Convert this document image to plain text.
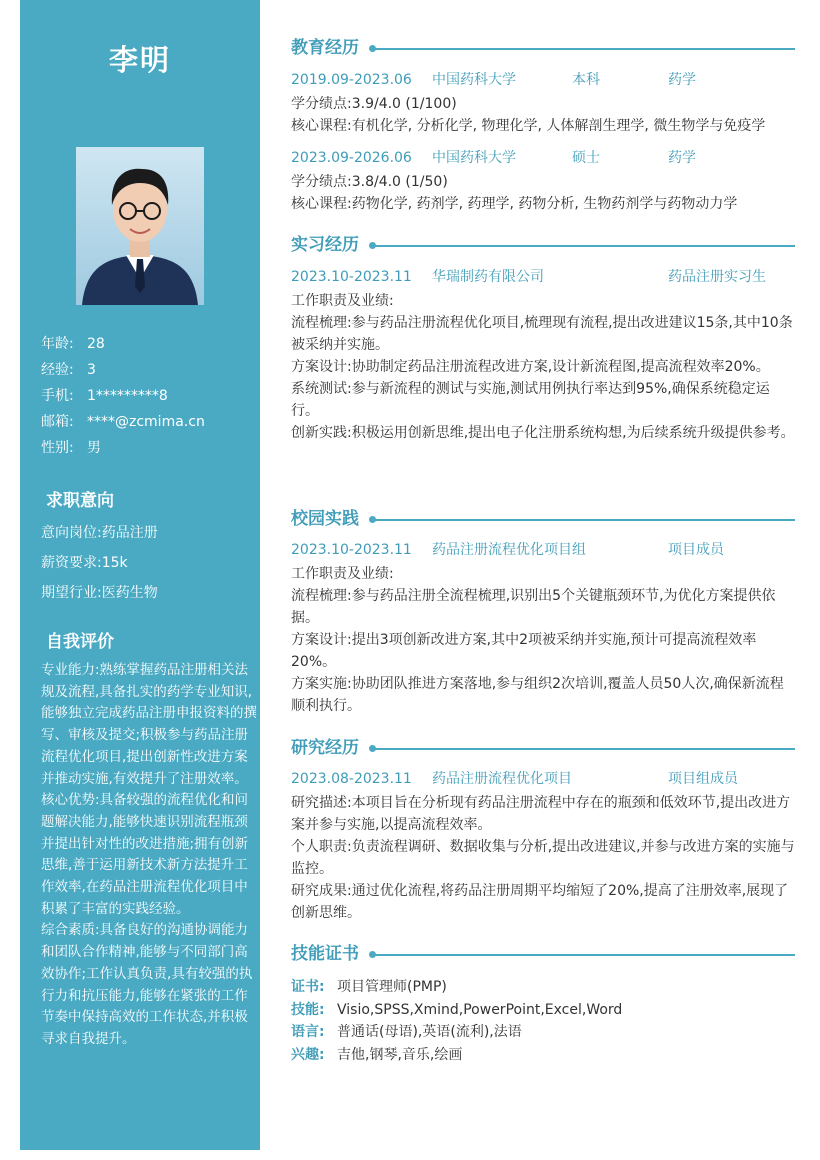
李明
年龄: 28
经验: 3
手机: 1*********8
邮箱: ****@zcmima.cn
性别: 男
求职意向
意向岗位:药品注册
薪资要求:15k
期望行业:医药生物
自我评价
专业能力:熟练掌握药品注册相关法规及流程,具备扎实的药学专业知识,能够独立完成药品注册申报资料的撰写、审核及提交;积极参与药品注册流程优化项目,提出创新性改进方案并推动实施,有效提升了注册效率。
核心优势:具备较强的流程优化和问题解决能力,能够快速识别流程瓶颈并提出针对性的改进措施;拥有创新思维,善于运用新技术新方法提升工作效率,在药品注册流程优化项目中积累了丰富的实践经验。
综合素质:具备良好的沟通协调能力和团队合作精神,能够与不同部门高效协作;工作认真负责,具有较强的执行力和抗压能力,能够在紧张的工作节奏中保持高效的工作状态,并积极寻求自我提升。
教育经历
2019.09-2023.06 中国药科大学	本科	药学

学分绩点:3.9/4.0 (1/100)

核心课程:有机化学, 分析化学, 物理化学, 人体解剖生理学, 微生物学与免疫学

2023.09-2026.06 中国药科大学	硕士	药学

学分绩点:3.8/4.0 (1/50)

核心课程:药物化学, 药剂学, 药理学, 药物分析, 生物药剂学与药物动力学

实习经历
2023.10-2023.11 华瑞制药有限公司	药品注册实习生

工作职责及业绩:

流程梳理:参与药品注册流程优化项目,梳理现有流程,提出改进建议15条,其中10条被采纳并实施。

方案设计:协助制定药品注册流程改进方案,设计新流程图,提高流程效率20%。

系统测试:参与新流程的测试与实施,测试用例执行率达到95%,确保系统稳定运行。

创新实践:积极运用创新思维,提出电子化注册系统构想,为后续系统升级提供参考。

校园实践
2023.10-2023.11 药品注册流程优化项目组	项目成员

工作职责及业绩:

流程梳理:参与药品注册全流程梳理,识别出5个关键瓶颈环节,为优化方案提供依据。

方案设计:提出3项创新改进方案,其中2项被采纳并实施,预计可提高流程效率20%。

方案实施:协助团队推进方案落地,参与组织2次培训,覆盖人员50人次,确保新流程顺利执行。

研究经历
2023.08-2023.11 药品注册流程优化项目	项目组成员

研究描述:本项目旨在分析现有药品注册流程中存在的瓶颈和低效环节,提出改进方案并参与实施,以提高流程效率。

个人职责:负责流程调研、数据收集与分析,提出改进建议,并参与改进方案的实施与监控。

研究成果:通过优化流程,将药品注册周期平均缩短了20%,提高了注册效率,展现了创新思维。

技能证书
证书: 项目管理师(PMP)
技能: Visio,SPSS,Xmind,PowerPoint,Excel,Word
语言: 普通话(母语),英语(流利),法语
兴趣: 吉他,钢琴,音乐,绘画
